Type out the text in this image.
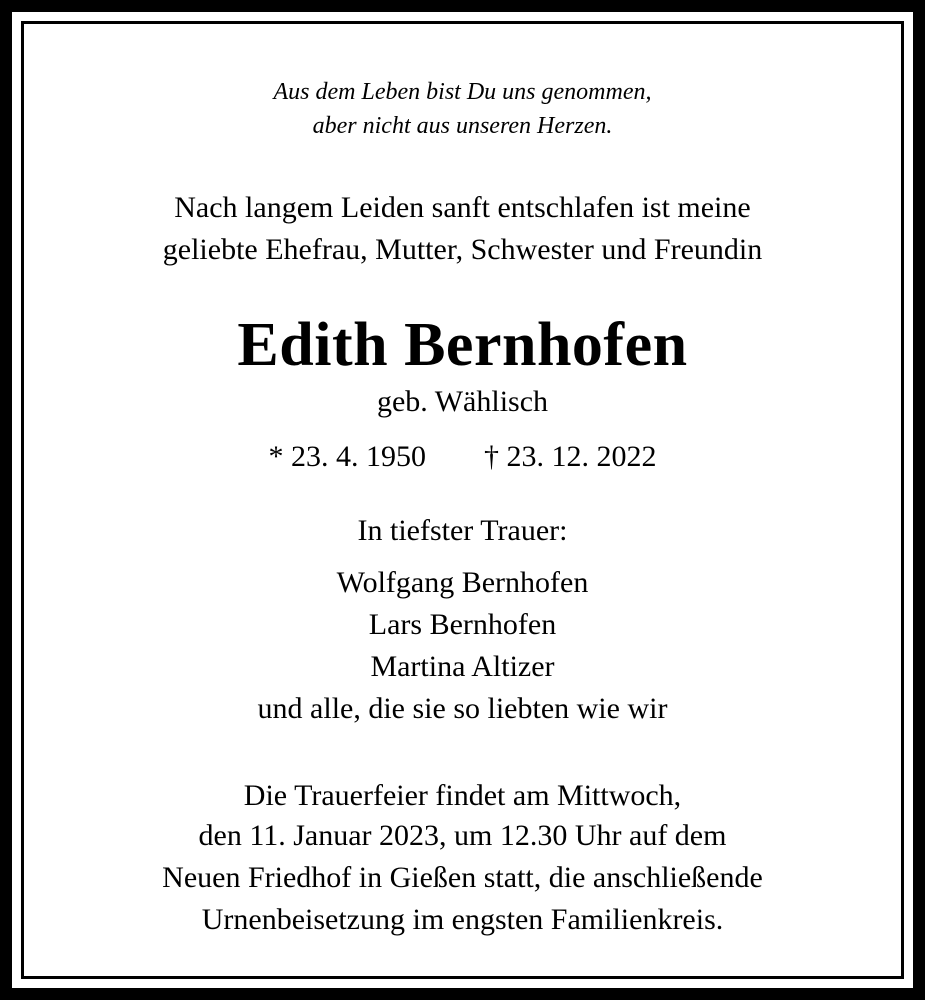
Aus dem Leben bist Du uns genommen,
aber nicht aus unseren Herzen.
Nach langem Leiden sanft entschlafen ist meine
geliebte Ehefrau, Mutter, Schwester und Freundin
Edith Bernhofen
geb. Wählisch
* 23. 4. 1950 † 23. 12. 2022
In tiefster Trauer:
Wolfgang Bernhofen
Lars Bernhofen
Martina Altizer
und alle, die sie so liebten wie wir
Die Trauerfeier findet am Mittwoch,
den 11. Januar 2023, um 12.30 Uhr auf dem
Neuen Friedhof in Gießen statt, die anschließende
Urnenbeisetzung im engsten Familienkreis.
